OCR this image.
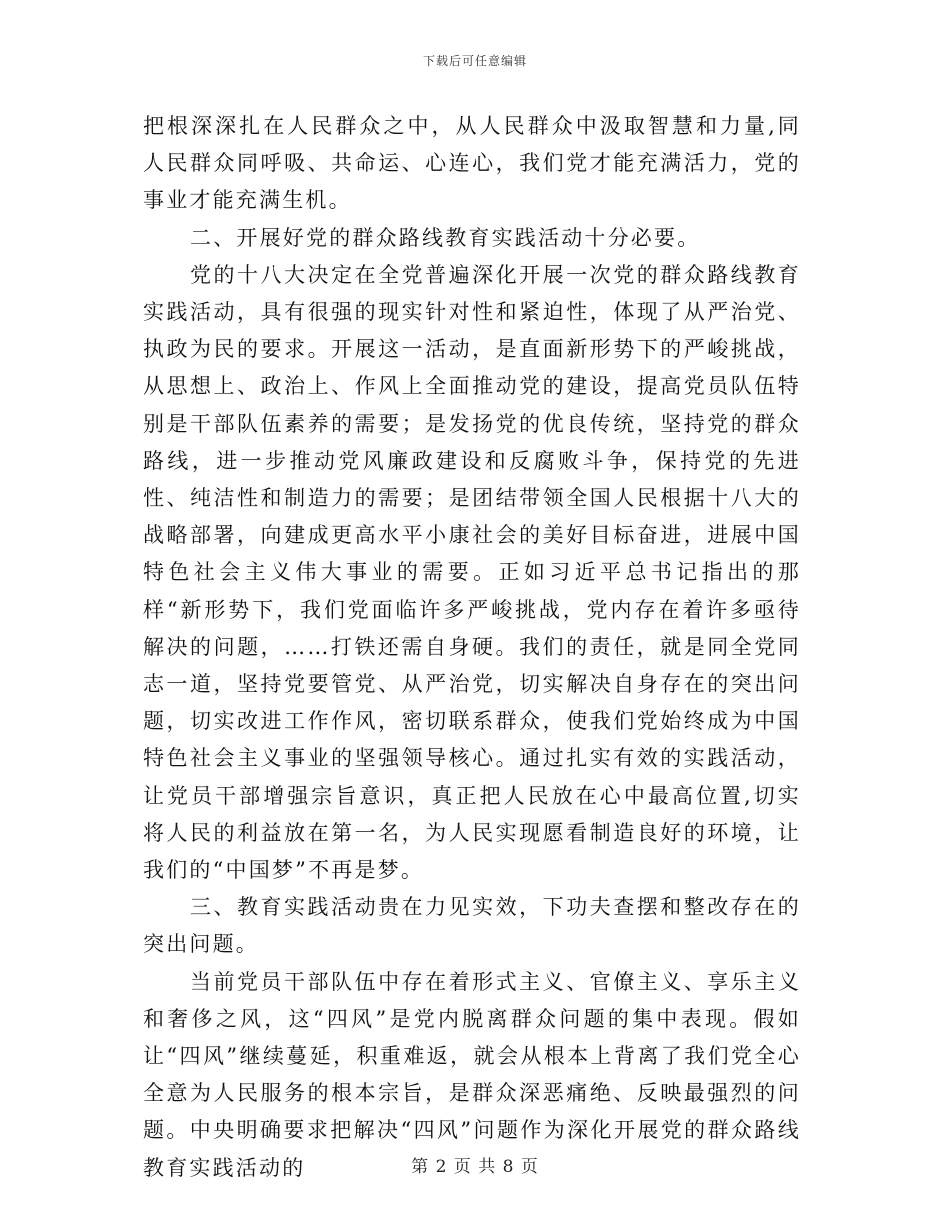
下载后可任意编辑

把根深深扎在人民群众之中，从人民群众中汲取智慧和力量,同人民群众同呼吸、共命运、心连心，我们党才能充满活力，党的事业才能充满生机。

二、开展好党的群众路线教育实践活动十分必要。

党的十八大决定在全党普遍深化开展一次党的群众路线教育实践活动，具有很强的现实针对性和紧迫性，体现了从严治党、执政为民的要求。开展这一活动，是直面新形势下的严峻挑战，从思想上、政治上、作风上全面推动党的建设，提高党员队伍特别是干部队伍素养的需要；是发扬党的优良传统，坚持党的群众路线，进一步推动党风廉政建设和反腐败斗争，保持党的先进性、纯洁性和制造力的需要；是团结带领全国人民根据十八大的战略部署，向建成更高水平小康社会的美好目标奋进，进展中国特色社会主义伟大事业的需要。正如习近平总书记指出的那样“新形势下，我们党面临许多严峻挑战，党内存在着许多亟待解决的问题，……打铁还需自身硬。我们的责任，就是同全党同志一道，坚持党要管党、从严治党，切实解决自身存在的突出问题，切实改进工作作风，密切联系群众，使我们党始终成为中国特色社会主义事业的坚强领导核心。通过扎实有效的实践活动，让党员干部增强宗旨意识，真正把人民放在心中最高位置,切实将人民的利益放在第一名，为人民实现愿看制造良好的环境，让我们的“中国梦”不再是梦。

三、教育实践活动贵在力见实效，下功夫查摆和整改存在的突出问题。

当前党员干部队伍中存在着形式主义、官僚主义、享乐主义和奢侈之风，这“四风”是党内脱离群众问题的集中表现。假如让“四风”继续蔓延，积重难返，就会从根本上背离了我们党全心全意为人民服务的根本宗旨，是群众深恶痛绝、反映最强烈的问题。中央明确要求把解决“四风”问题作为深化开展党的群众路线教育实践活动的	第 2 页 共 8 页
